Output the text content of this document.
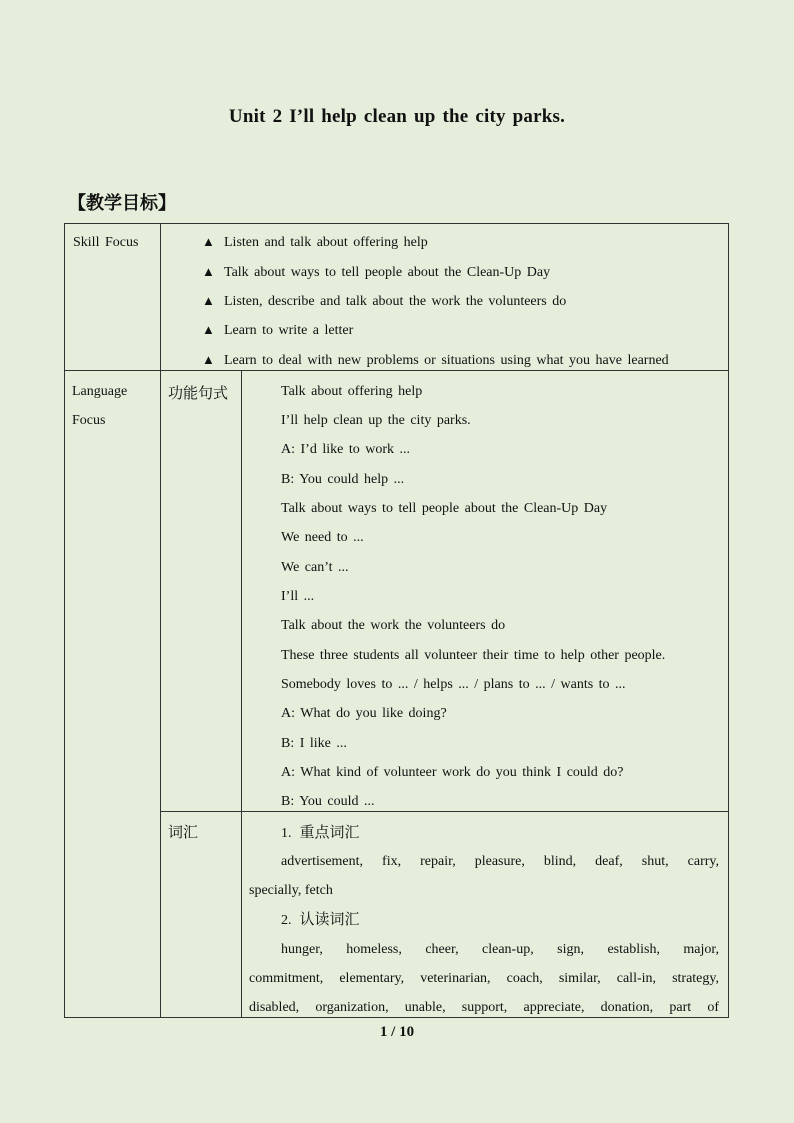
Unit 2 I’ll help clean up the city parks.
【教学目标】
Skill Focus	▲ Listen and talk about offering help
▲ Talk about ways to tell people about the Clean-Up Day
▲ Listen, describe and talk about the work the volunteers do
▲ Learn to write a letter
▲ Learn to deal with new problems or situations using what you have learned
Language
Focus
功能句式	Talk about offering help
I’ll help clean up the city parks.
A: I’d like to work ...
B: You could help ...
Talk about ways to tell people about the Clean-Up Day
We need to ...
We can’t ...
I’ll ...
Talk about the work the volunteers do
These three students all volunteer their time to help other people.
Somebody loves to ... / helps ... / plans to ... / wants to ...
A: What do you like doing?
B: I like ...
A: What kind of volunteer work do you think I could do?
B: You could ...
词汇	1. 重点词汇
advertisement, fix, repair, pleasure, blind, deaf, shut, carry,
specially, fetch
2. 认读词汇
hunger, homeless, cheer, clean-up, sign, establish, major,
commitment, elementary, veterinarian, coach, similar, call-in, strategy,
disabled, organization, unable, support, appreciate, donation, part of
1 / 10
